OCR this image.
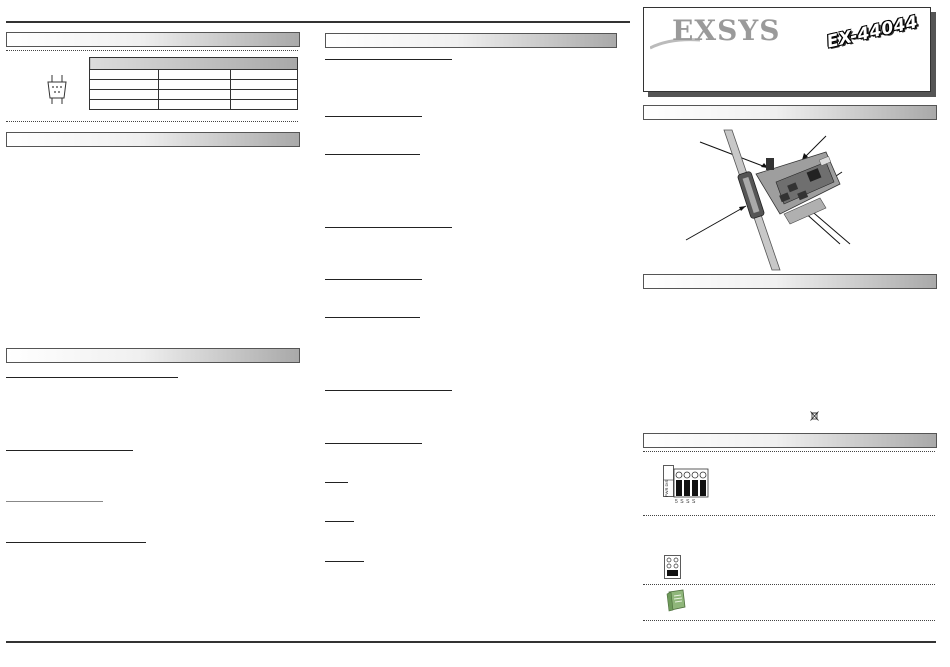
EXSYS	EX-44044
PWR DIS
5SSS
